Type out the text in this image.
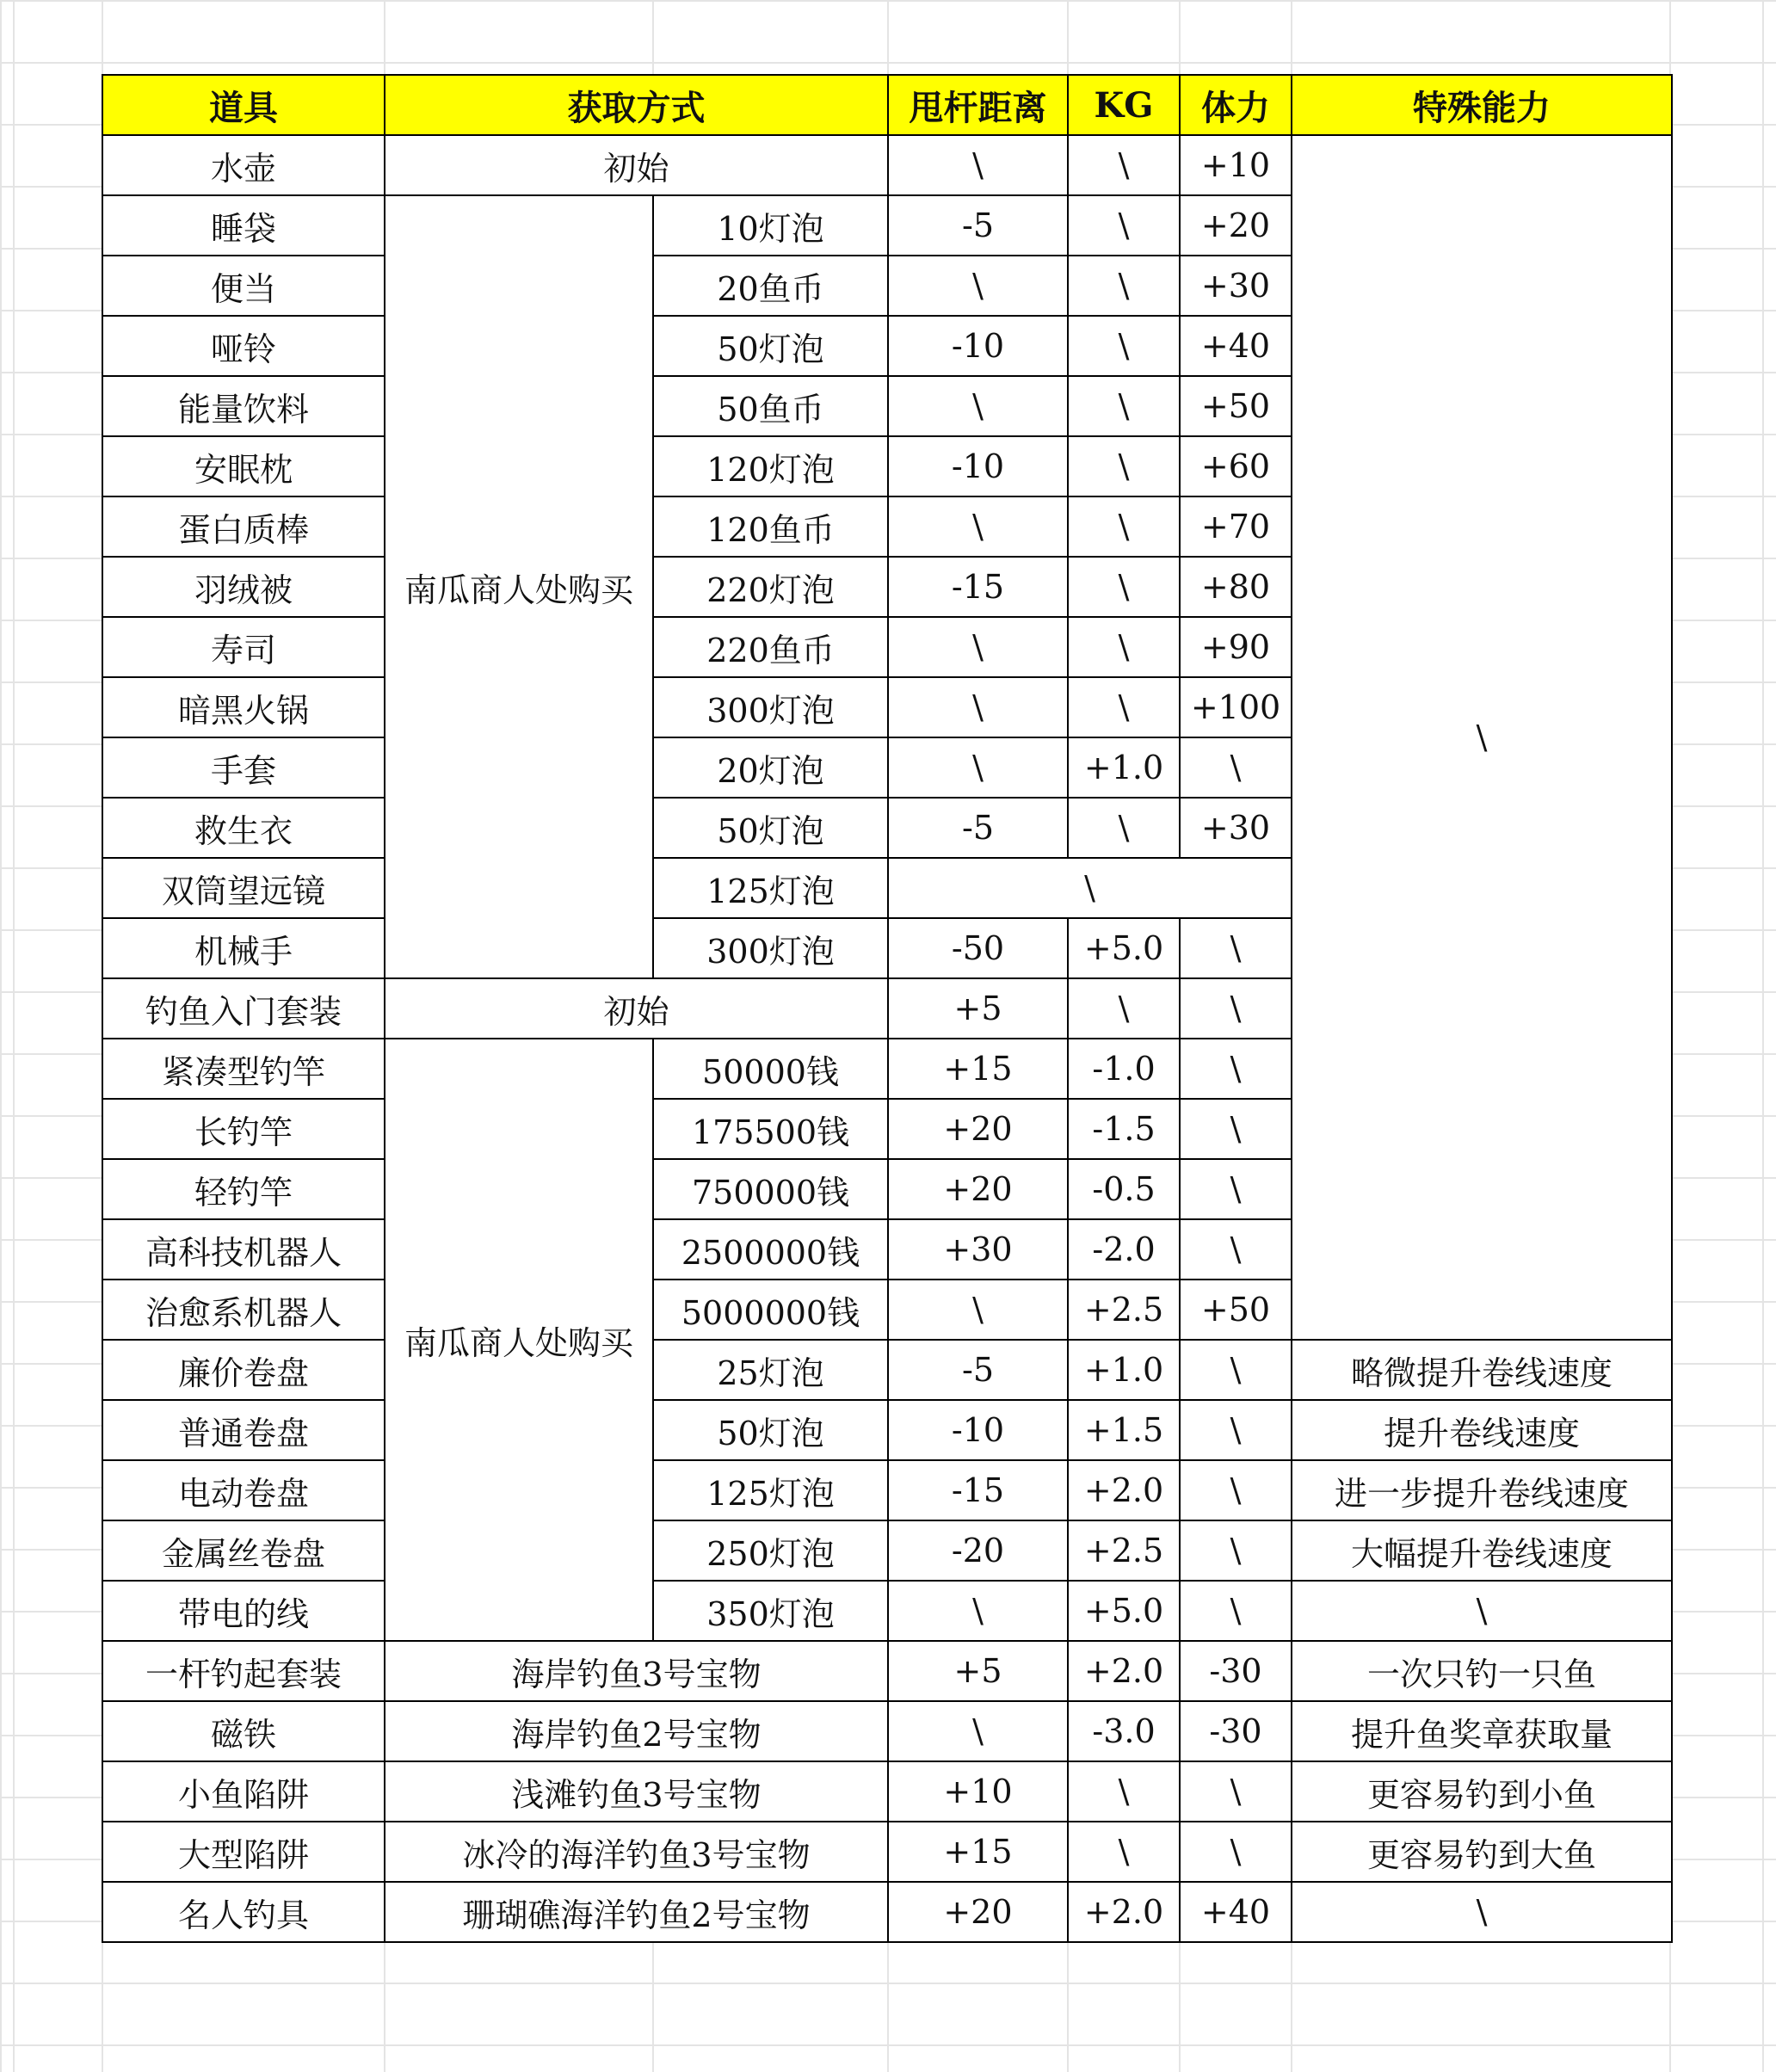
道具	获取方式		甩杆距离	KG	体力	特殊能力
水壶	初始		\	\	+10	\
睡袋	南瓜商人处购买	10灯泡	-5	\	+20	
便当		20鱼币	\	\	+30	
哑铃		50灯泡	-10	\	+40	
能量饮料		50鱼币	\	\	+50	
安眠枕		120灯泡	-10	\	+60	
蛋白质棒		120鱼币	\	\	+70	
羽绒被		220灯泡	-15	\	+80	
寿司		220鱼币	\	\	+90	
暗黑火锅		300灯泡	\	\	+100	
手套		20灯泡	\	+1.0	\	
救生衣		50灯泡	-5	\	+30	
双筒望远镜		125灯泡	\			
机械手		300灯泡	-50	+5.0	\	
钓鱼入门套装	初始		+5	\	\	
紧凑型钓竿	南瓜商人处购买	50000钱	+15	-1.0	\	
长钓竿		175500钱	+20	-1.5	\	
轻钓竿		750000钱	+20	-0.5	\	
高科技机器人		2500000钱	+30	-2.0	\	
治愈系机器人		5000000钱	\	+2.5	+50	
廉价卷盘		25灯泡	-5	+1.0	\	略微提升卷线速度
普通卷盘		50灯泡	-10	+1.5	\	提升卷线速度
电动卷盘		125灯泡	-15	+2.0	\	进一步提升卷线速度
金属丝卷盘		250灯泡	-20	+2.5	\	大幅提升卷线速度
带电的线		350灯泡	\	+5.0	\	\
一杆钓起套装	海岸钓鱼3号宝物		+5	+2.0	-30	一次只钓一只鱼
磁铁	海岸钓鱼2号宝物		\	-3.0	-30	提升鱼奖章获取量
小鱼陷阱	浅滩钓鱼3号宝物		+10	\	\	更容易钓到小鱼
大型陷阱	冰冷的海洋钓鱼3号宝物		+15	\	\	更容易钓到大鱼
名人钓具	珊瑚礁海洋钓鱼2号宝物		+20	+2.0	+40	\
